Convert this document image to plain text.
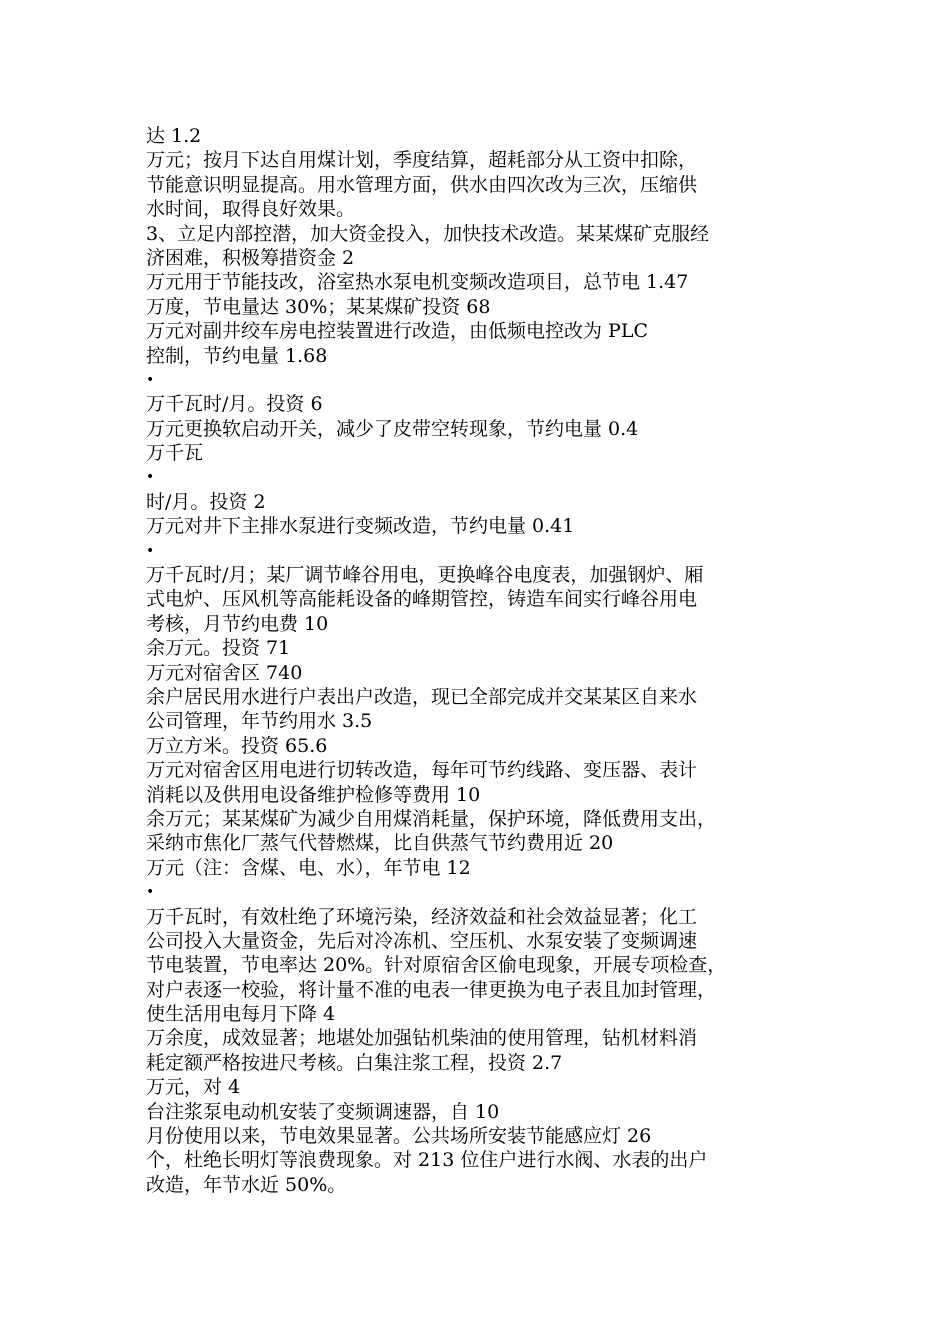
达 1.2
万元；按月下达自用煤计划，季度结算，超耗部分从工资中扣除，
节能意识明显提高。用水管理方面，供水由四次改为三次，压缩供
水时间，取得良好效果。
3、立足内部控潜，加大资金投入，加快技术改造。某某煤矿克服经
济困难，积极筹措资金 2
万元用于节能技改，浴室热水泵电机变频改造项目，总节电 1.47
万度，节电量达 30%；某某煤矿投资 68
万元对副井绞车房电控装置进行改造，由低频电控改为 PLC
控制，节约电量 1.68
•
万千瓦时/月。投资 6
万元更换软启动开关，减少了皮带空转现象，节约电量 0.4
万千瓦
•
时/月。投资 2
万元对井下主排水泵进行变频改造，节约电量 0.41
•
万千瓦时/月；某厂调节峰谷用电，更换峰谷电度表，加强钢炉、厢
式电炉、压风机等高能耗设备的峰期管控，铸造车间实行峰谷用电
考核，月节约电费 10
余万元。投资 71
万元对宿舍区 740
余户居民用水进行户表出户改造，现已全部完成并交某某区自来水
公司管理，年节约用水 3.5
万立方米。投资 65.6
万元对宿舍区用电进行切转改造，每年可节约线路、变压器、表计
消耗以及供用电设备维护检修等费用 10
余万元；某某煤矿为减少自用煤消耗量，保护环境，降低费用支出，
采纳市焦化厂蒸气代替燃煤，比自供蒸气节约费用近 20
万元（注：含煤、电、水），年节电 12
•
万千瓦时，有效杜绝了环境污染，经济效益和社会效益显著；化工
公司投入大量资金，先后对冷冻机、空压机、水泵安装了变频调速
节电装置，节电率达 20%。针对原宿舍区偷电现象，开展专项检查，
对户表逐一校验，将计量不准的电表一律更换为电子表且加封管理，
使生活用电每月下降 4
万余度，成效显著；地堪处加强钻机柴油的使用管理，钻机材料消
耗定额严格按进尺考核。白集注浆工程，投资 2.7
万元，对 4
台注浆泵电动机安装了变频调速器，自 10
月份使用以来，节电效果显著。公共场所安装节能感应灯 26
个，杜绝长明灯等浪费现象。对 213 位住户进行水阀、水表的出户
改造，年节水近 50%。
